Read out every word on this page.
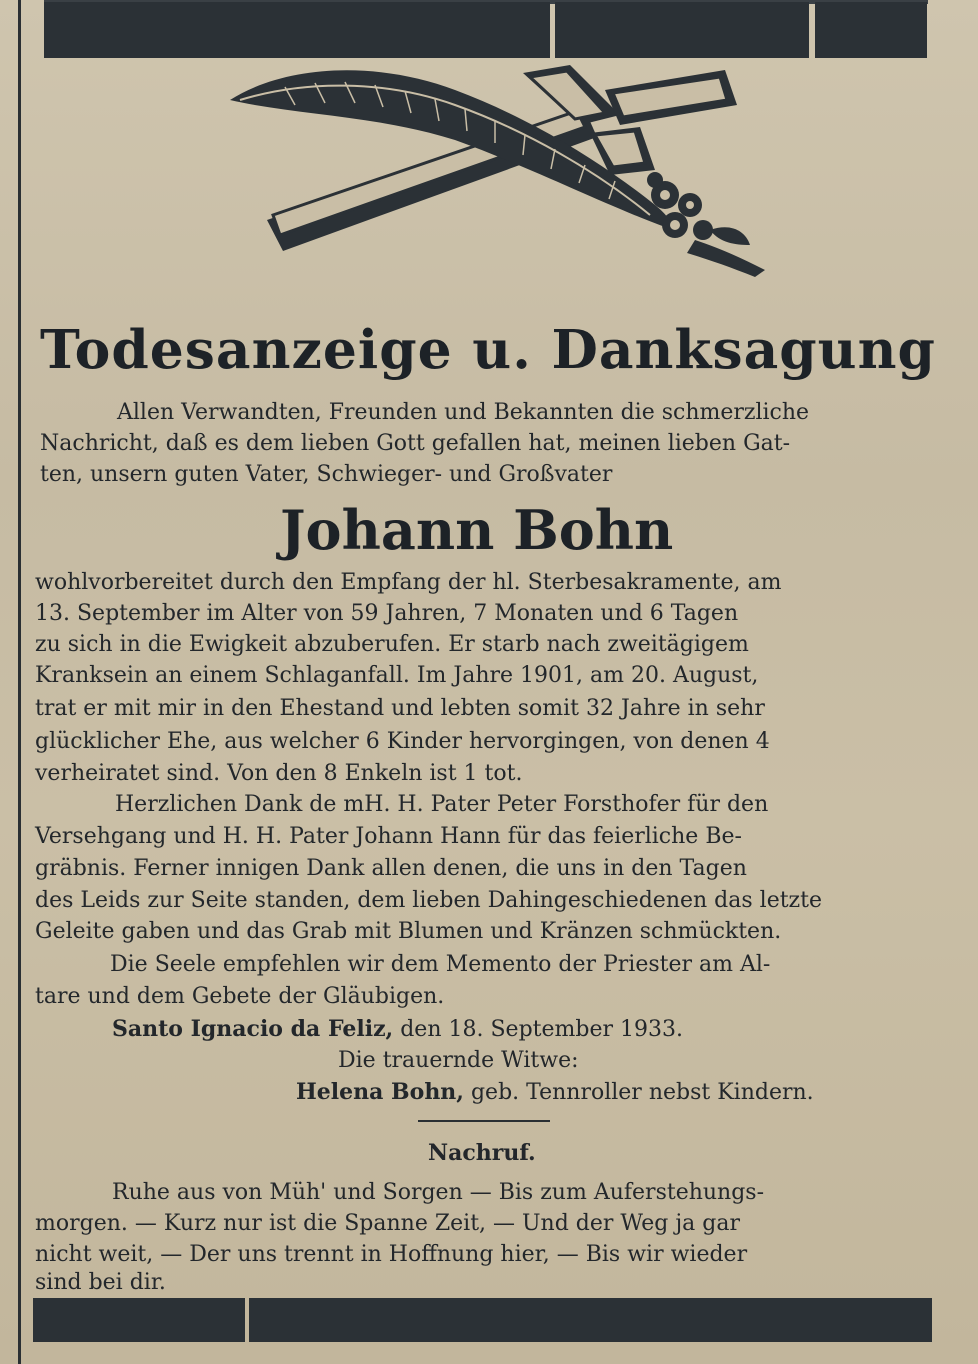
Todesanzeige u. Danksagung
Allen Verwandten, Freunden und Bekannten die schmerzliche
Nachricht, daß es dem lieben Gott gefallen hat, meinen lieben Gat-
ten, unsern guten Vater, Schwieger- und Großvater
Johann Bohn
wohlvorbereitet durch den Empfang der hl. Sterbesakramente, am
13. September im Alter von 59 Jahren, 7 Monaten und 6 Tagen
zu sich in die Ewigkeit abzuberufen. Er starb nach zweitägigem
Kranksein an einem Schlaganfall. Im Jahre 1901, am 20. August,
trat er mit mir in den Ehestand und lebten somit 32 Jahre in sehr
glücklicher Ehe, aus welcher 6 Kinder hervorgingen, von denen 4
verheiratet sind. Von den 8 Enkeln ist 1 tot.
Herzlichen Dank de mH. H. Pater Peter Forsthofer für den
Versehgang und H. H. Pater Johann Hann für das feierliche Be-
gräbnis. Ferner innigen Dank allen denen, die uns in den Tagen
des Leids zur Seite standen, dem lieben Dahingeschiedenen das letzte
Geleite gaben und das Grab mit Blumen und Kränzen schmückten.
Die Seele empfehlen wir dem Memento der Priester am Al-
tare und dem Gebete der Gläubigen.
Santo Ignacio da Feliz, den 18. September 1933.
Die trauernde Witwe:
Helena Bohn, geb. Tennroller nebst Kindern.
Nachruf.
Ruhe aus von Müh' und Sorgen — Bis zum Auferstehungs-
morgen. — Kurz nur ist die Spanne Zeit, — Und der Weg ja gar
nicht weit, — Der uns trennt in Hoffnung hier, — Bis wir wieder
sind bei dir.
